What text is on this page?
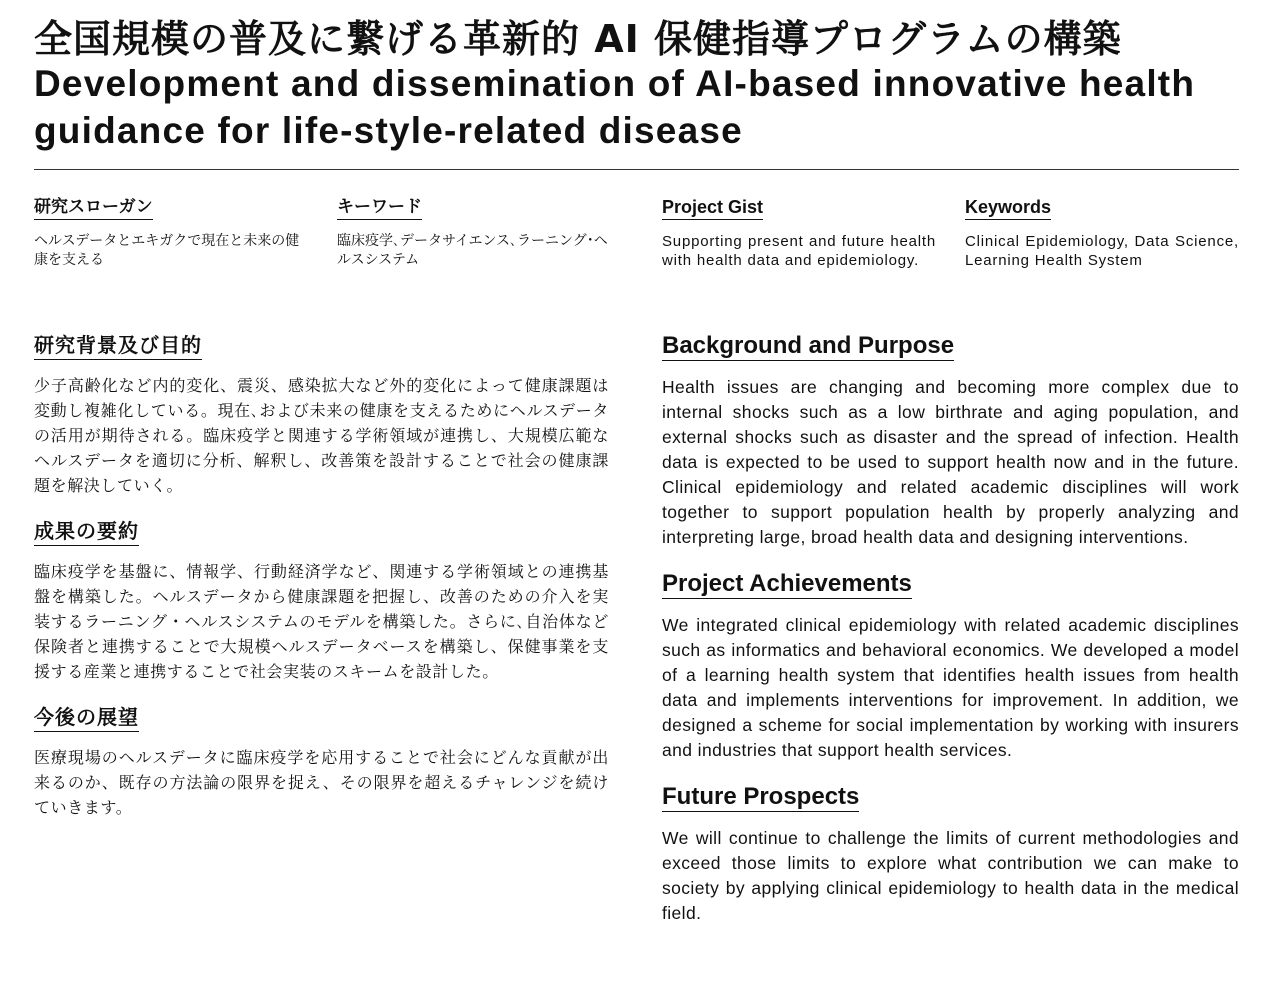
全国規模の普及に繋げる革新的 AI 保健指導プログラムの構築
Development and dissemination of AI-based innovative health guidance for life-style-related disease
研究スローガン

ヘルスデータとエキガクで現在と未来の健康を支える

キーワード

臨床疫学､データサイエンス､ラーニング･ヘルスシステム

Project Gist

Supporting present and future health with health data and epidemiology.

Keywords

Clinical Epidemiology, Data Science, Learning Health System

研究背景及び目的

少子高齢化など内的変化、震災、感染拡大など外的変化によって健康課題は変動し複雑化している。現在､および未来の健康を支えるためにヘルスデータの活用が期待される。臨床疫学と関連する学術領域が連携し、大規模広範なヘルスデータを適切に分析、解釈し、改善策を設計することで社会の健康課題を解決していく。

成果の要約

臨床疫学を基盤に、情報学、行動経済学など、関連する学術領域との連携基盤を構築した。ヘルスデータから健康課題を把握し、改善のための介入を実装するラーニング・ヘルスシステムのモデルを構築した。さらに､自治体など保険者と連携することで大規模ヘルスデータベースを構築し、保健事業を支援する産業と連携することで社会実装のスキームを設計した。

今後の展望

医療現場のヘルスデータに臨床疫学を応用することで社会にどんな貢献が出来るのか、既存の方法論の限界を捉え、その限界を超えるチャレンジを続けていきます。

Background and Purpose

Health issues are changing and becoming more complex due to internal shocks such as a low birthrate and aging population, and external shocks such as disaster and the spread of infection. Health data is expected to be used to support health now and in the future. Clinical epidemiology and related academic disciplines will work together to support population health by properly analyzing and interpreting large, broad health data and designing interventions.

Project Achievements

We integrated clinical epidemiology with related academic disciplines such as informatics and behavioral economics. We developed a model of a learning health system that identifies health issues from health data and implements interventions for improvement. In addition, we designed a scheme for social implementation by working with insurers and industries that support health services.

Future Prospects

We will continue to challenge the limits of current methodologies and exceed those limits to explore what contribution we can make to society by applying clinical epidemiology to health data in the medical field.
